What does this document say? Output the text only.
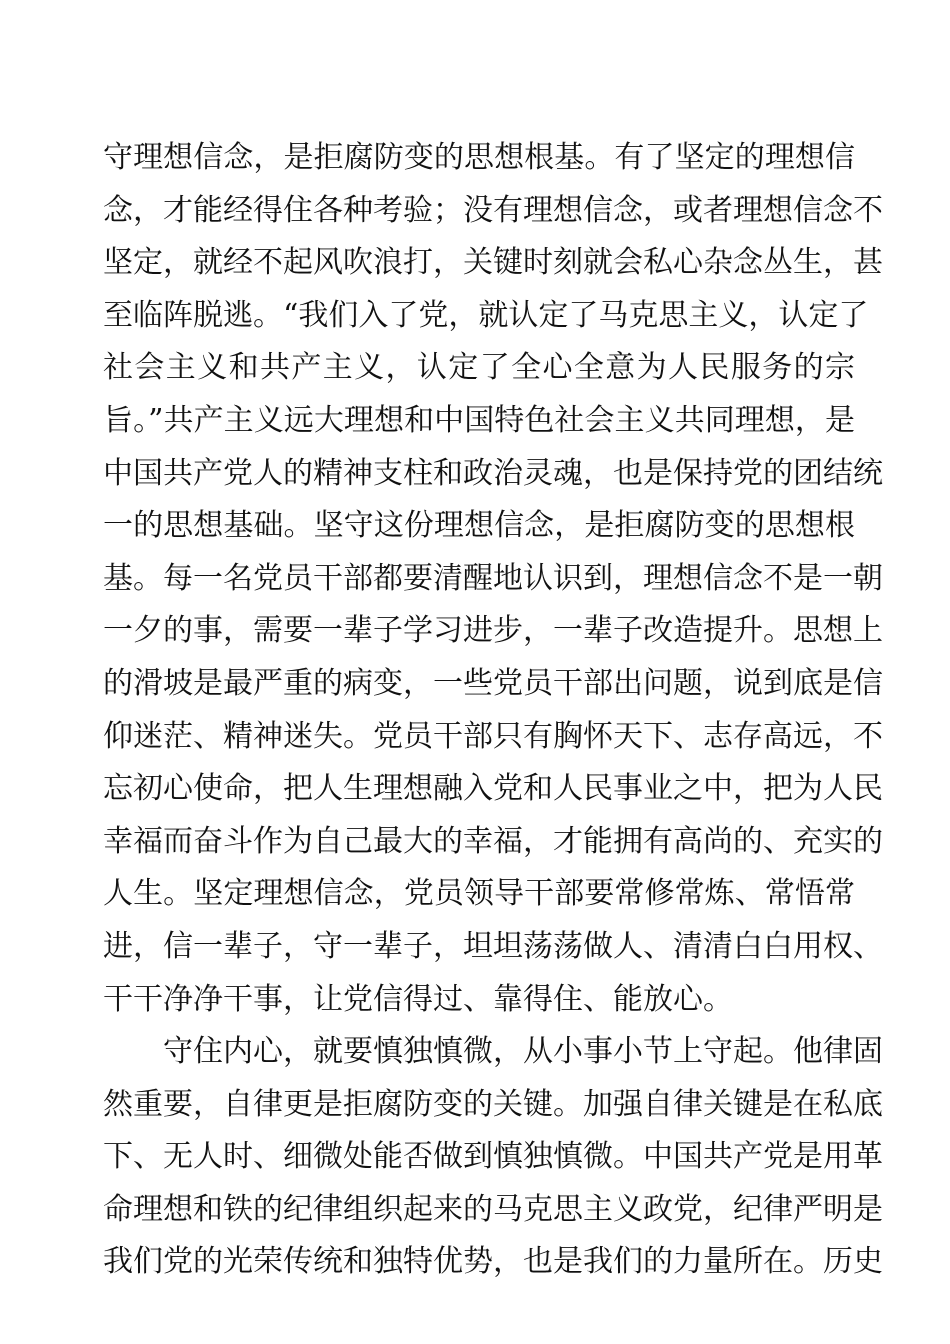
守理想信念，是拒腐防变的思想根基。有了坚定的理想信
念，才能经得住各种考验；没有理想信念，或者理想信念不
坚定，就经不起风吹浪打，关键时刻就会私心杂念丛生，甚
至临阵脱逃。“我们入了党，就认定了马克思主义，认定了
社会主义和共产主义，认定了全心全意为人民服务的宗
旨。”共产主义远大理想和中国特色社会主义共同理想，是
中国共产党人的精神支柱和政治灵魂，也是保持党的团结统
一的思想基础。坚守这份理想信念，是拒腐防变的思想根
基。每一名党员干部都要清醒地认识到，理想信念不是一朝
一夕的事，需要一辈子学习进步，一辈子改造提升。思想上
的滑坡是最严重的病变，一些党员干部出问题，说到底是信
仰迷茫、精神迷失。党员干部只有胸怀天下、志存高远，不
忘初心使命，把人生理想融入党和人民事业之中，把为人民
幸福而奋斗作为自己最大的幸福，才能拥有高尚的、充实的
人生。坚定理想信念，党员领导干部要常修常炼、常悟常
进，信一辈子，守一辈子，坦坦荡荡做人、清清白白用权、
干干净净干事，让党信得过、靠得住、能放心。
守住内心，就要慎独慎微，从小事小节上守起。他律固
然重要，自律更是拒腐防变的关键。加强自律关键是在私底
下、无人时、细微处能否做到慎独慎微。中国共产党是用革
命理想和铁的纪律组织起来的马克思主义政党，纪律严明是
我们党的光荣传统和独特优势，也是我们的力量所在。历史
